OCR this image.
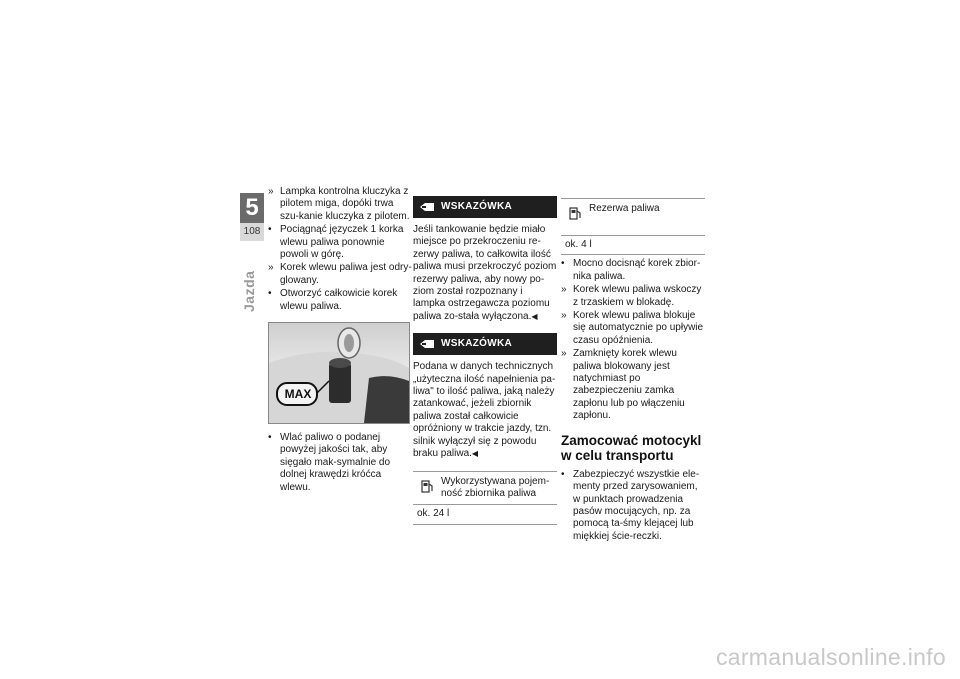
5
108
Jazda
» Lampka kontrolna kluczyka z pilotem miga, dopóki trwa szu-kanie kluczyka z pilotem.
• Pociągnąć języczek 1 korka wlewu paliwa ponownie powoli w górę.
» Korek wlewu paliwa jest odry-glowany.
• Otworzyć całkowicie korek wlewu paliwa.
MAX
• Wlać paliwo o podanej powyżej jakości tak, aby sięgało mak-symalnie do dolnej krawędzi króćca wlewu.
WSKAZÓWKA
Jeśli tankowanie będzie miało miejsce po przekroczeniu re-zerwy paliwa, to całkowita ilość paliwa musi przekroczyć poziom rezerwy paliwa, aby nowy po-ziom został rozpoznany i lampka ostrzegawcza poziomu paliwa zo-stała wyłączona.◀
WSKAZÓWKA
Podana w danych technicznych „użyteczna ilość napełnienia pa-liwa" to ilość paliwa, jaką należy zatankować, jeżeli zbiornik paliwa został całkowicie opróżniony w trakcie jazdy, tzn. silnik wyłączył się z powodu braku paliwa.◀
Wykorzystywana pojem-ność zbiornika paliwa
ok. 24 l
Rezerwa paliwa
ok. 4 l
• Mocno docisnąć korek zbior-nika paliwa.
» Korek wlewu paliwa wskoczy z trzaskiem w blokadę.
» Korek wlewu paliwa blokuje się automatycznie po upływie czasu opóźnienia.
» Zamknięty korek wlewu paliwa blokowany jest natychmiast po zabezpieczeniu zamka zapłonu lub po włączeniu zapłonu.
Zamocować motocykl w celu transportu
• Zabezpieczyć wszystkie ele-menty przed zarysowaniem, w punktach prowadzenia pasów mocujących, np. za pomocą ta-śmy klejącej lub miękkiej ście-reczki.
carmanualsonline.info
